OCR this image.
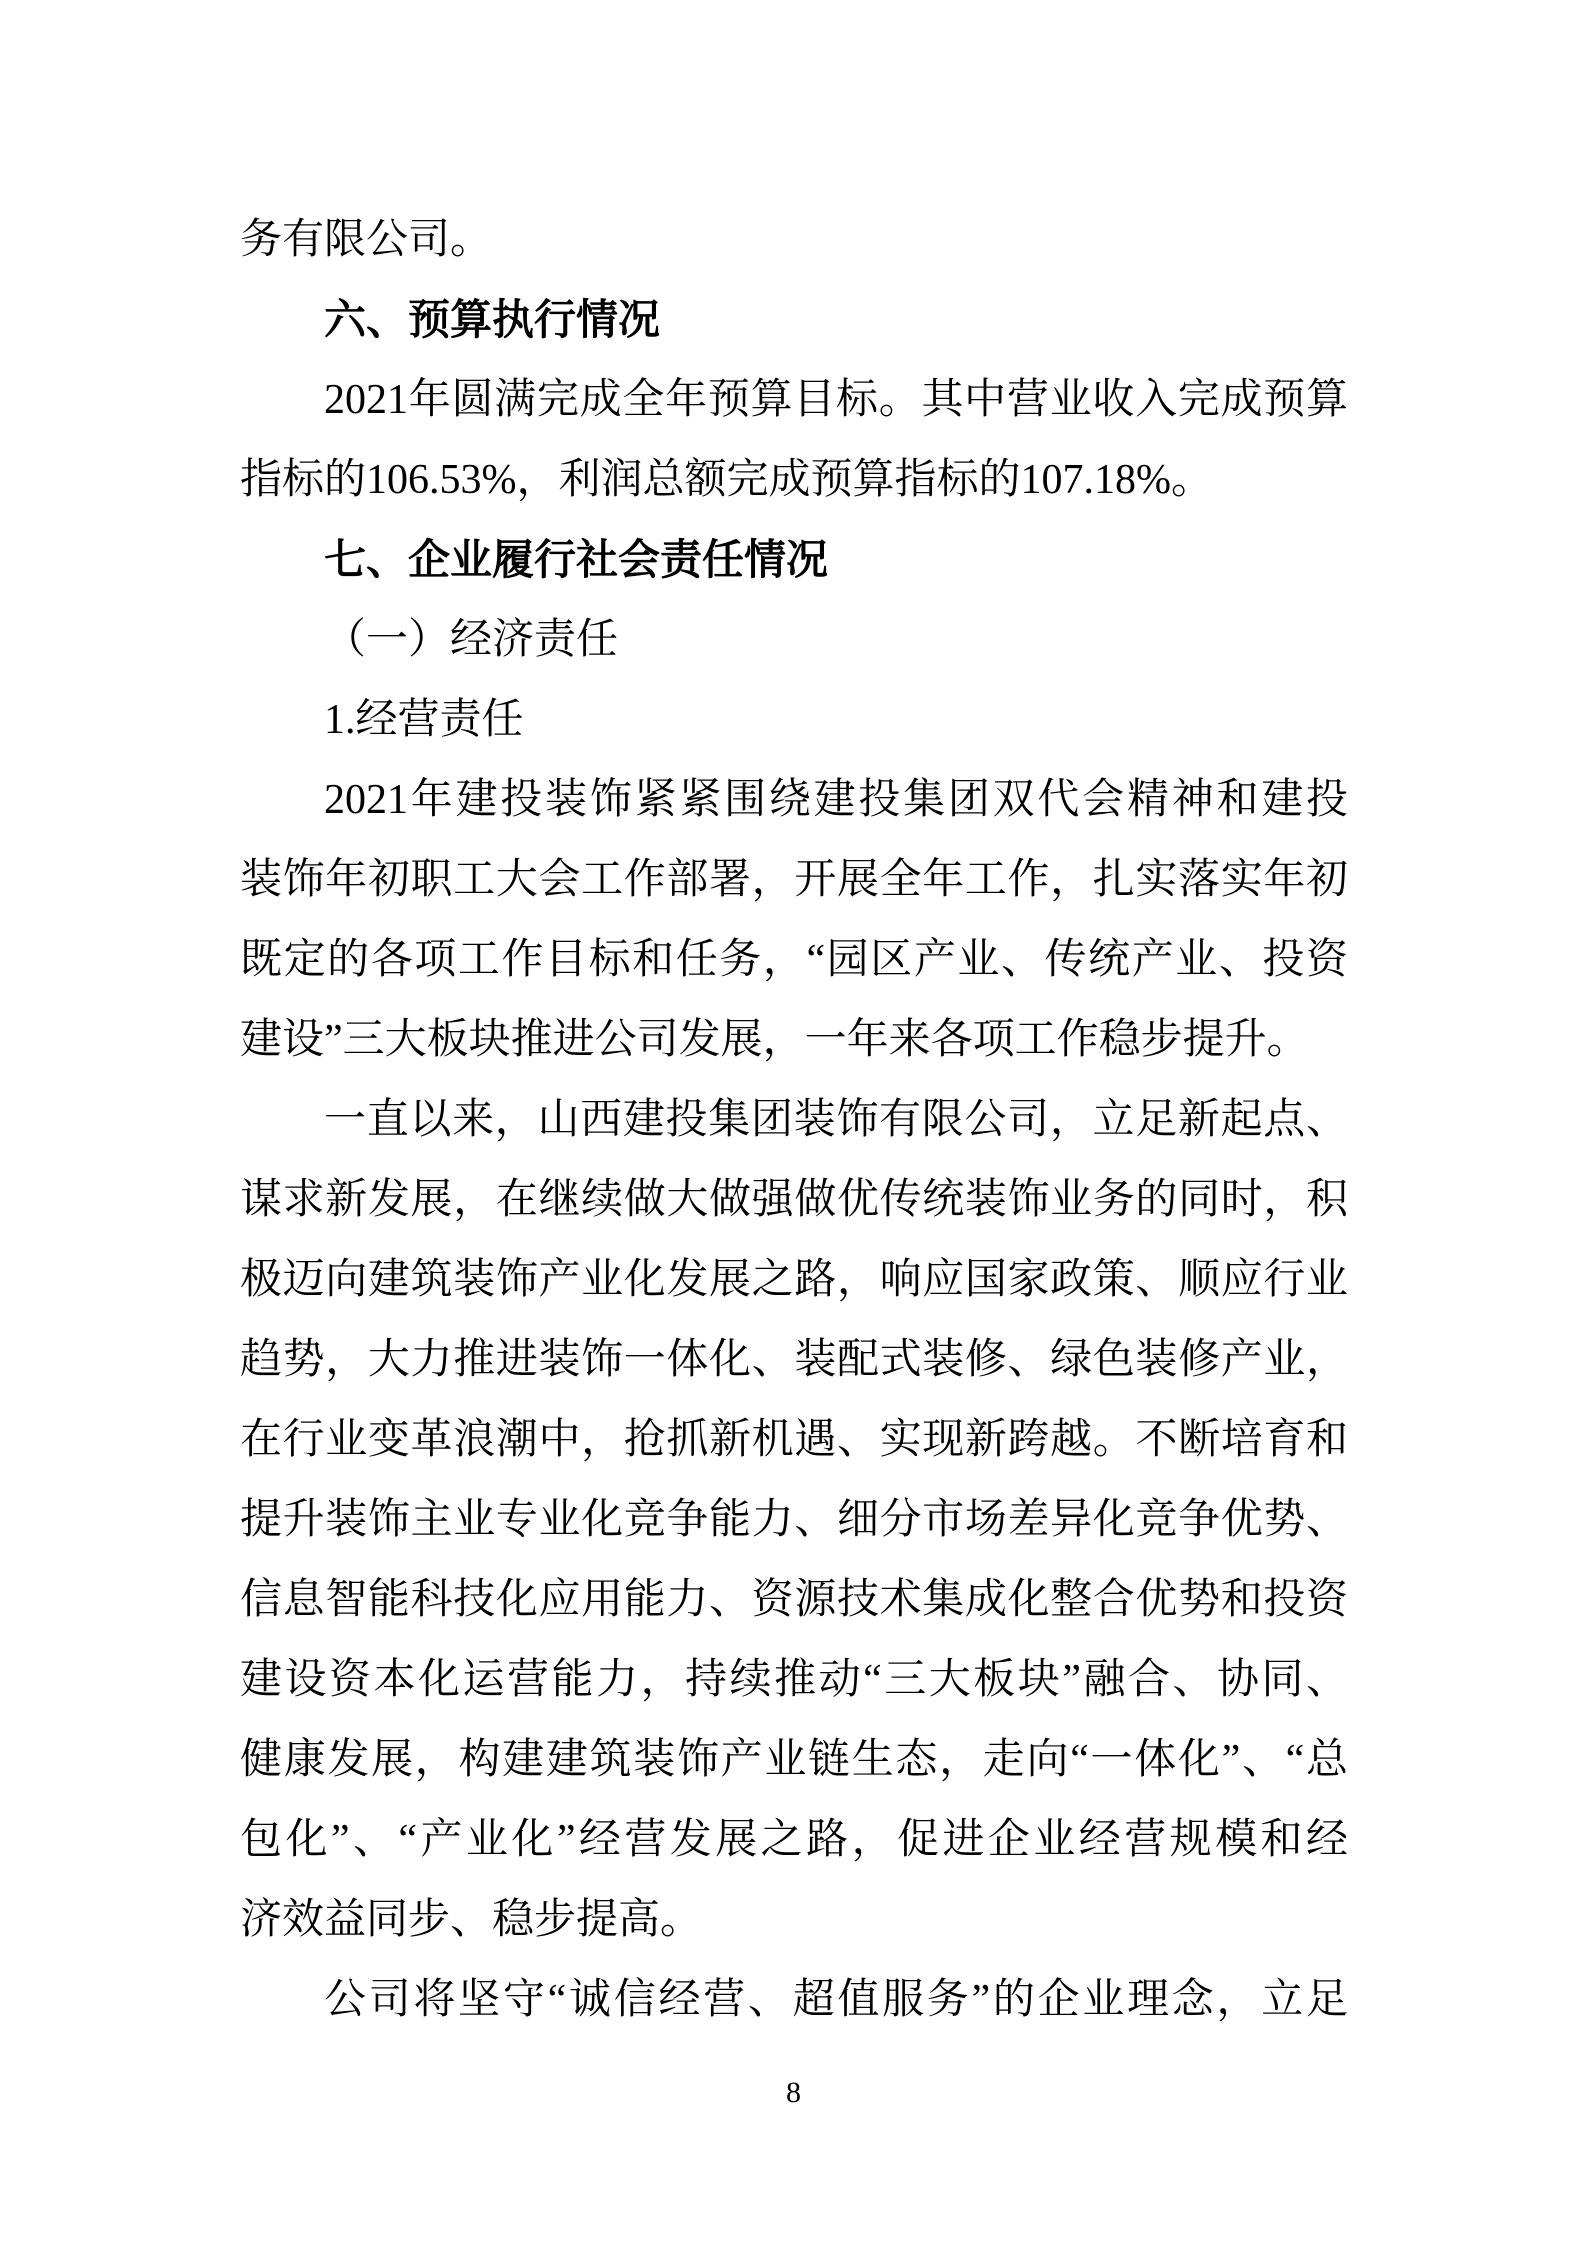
务有限公司。
六、预算执行情况
2021年圆满完成全年预算目标。其中营业收入完成预算
指标的106.53%，利润总额完成预算指标的107.18%。
七、企业履行社会责任情况
（一）经济责任
1.经营责任
2021年建投装饰紧紧围绕建投集团双代会精神和建投
装饰年初职工大会工作部署，开展全年工作，扎实落实年初
既定的各项工作目标和任务，“园区产业、传统产业、投资
建设”三大板块推进公司发展，一年来各项工作稳步提升。
一直以来，山西建投集团装饰有限公司，立足新起点、
谋求新发展，在继续做大做强做优传统装饰业务的同时，积
极迈向建筑装饰产业化发展之路，响应国家政策、顺应行业
趋势，大力推进装饰一体化、装配式装修、绿色装修产业，
在行业变革浪潮中，抢抓新机遇、实现新跨越。不断培育和
提升装饰主业专业化竞争能力、细分市场差异化竞争优势、
信息智能科技化应用能力、资源技术集成化整合优势和投资
建设资本化运营能力，持续推动“三大板块”融合、协同、
健康发展，构建建筑装饰产业链生态，走向“一体化”、“总
包化”、“产业化”经营发展之路，促进企业经营规模和经
济效益同步、稳步提高。
公司将坚守“诚信经营、超值服务”的企业理念，立足
8
